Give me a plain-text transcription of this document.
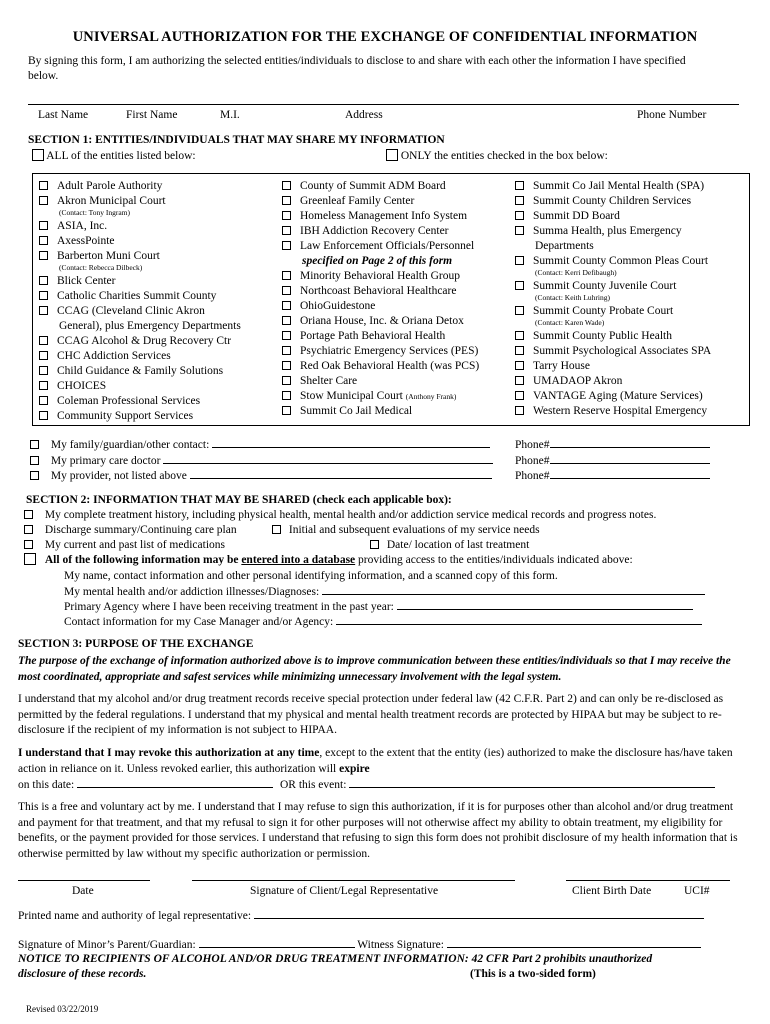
UNIVERSAL AUTHORIZATION FOR THE EXCHANGE OF CONFIDENTIAL INFORMATION
By signing this form, I am authorizing the selected entities/individuals to disclose to and share with each other the information I have specified below.
Last Name	First Name	M.I.	Address	Phone Number
SECTION 1: ENTITIES/INDIVIDUALS THAT MAY SHARE MY INFORMATION
ALL of the entities listed below:	ONLY the entities checked in the box below:
Adult Parole Authority
Akron Municipal Court
(Contact: Tony Ingram)
ASIA, Inc.
AxessPointe
Barberton Muni Court
(Contact: Rebecca Dilbeck)
Blick Center
Catholic Charities Summit County
CCAG (Cleveland Clinic Akron
General), plus Emergency Departments
CCAG Alcohol & Drug Recovery Ctr
CHC Addiction Services
Child Guidance & Family Solutions
CHOICES
Coleman Professional Services
Community Support Services
County of Summit ADM Board
Greenleaf Family Center
Homeless Management Info System
IBH Addiction Recovery Center
Law Enforcement Officials/Personnel
specified on Page 2 of this form
Minority Behavioral Health Group
Northcoast Behavioral Healthcare
OhioGuidestone
Oriana House, Inc. & Oriana Detox
Portage Path Behavioral Health
Psychiatric Emergency Services (PES)
Red Oak Behavioral Health (was PCS)
Shelter Care
Stow Municipal Court (Anthony Frank)
Summit Co Jail Medical
Summit Co Jail Mental Health (SPA)
Summit County Children Services
Summit DD Board
Summa Health, plus Emergency
Departments
Summit County Common Pleas Court
(Contact: Kerri Defibaugh)
Summit County Juvenile Court
(Contact: Keith Luhring)
Summit County Probate Court
(Contact: Karen Wade)
Summit County Public Health
Summit Psychological Associates SPA
Tarry House
UMADAOP Akron
VANTAGE Aging (Mature Services)
Western Reserve Hospital Emergency
My family/guardian/other contact:	Phone#
My primary care doctor	Phone#
My provider, not listed above	Phone#
SECTION 2: INFORMATION THAT MAY BE SHARED (check each applicable box):
My complete treatment history, including physical health, mental health and/or addiction service medical records and progress notes.
Discharge summary/Continuing care plan	Initial and subsequent evaluations of my service needs
My current and past list of medications	Date/ location of last treatment
All of the following information may be entered into a database providing access to the entities/individuals indicated above:
My name, contact information and other personal identifying information, and a scanned copy of this form.
My mental health and/or addiction illnesses/Diagnoses:
Primary Agency where I have been receiving treatment in the past year:
Contact information for my Case Manager and/or Agency:
SECTION 3: PURPOSE OF THE EXCHANGE
The purpose of the exchange of information authorized above is to improve communication between these entities/individuals so that I may receive the most coordinated, appropriate and safest services while minimizing unnecessary involvement with the legal system.
I understand that my alcohol and/or drug treatment records receive special protection under federal law (42 C.F.R. Part 2) and can only be re-disclosed as permitted by the federal regulations. I understand that my physical and mental health treatment records are protected by HIPAA but may be subject to re-disclosure if the recipient of my information is not subject to HIPAA.
I understand that I may revoke this authorization at any time, except to the extent that the entity (ies) authorized to make the disclosure has/have taken action in reliance on it. Unless revoked earlier, this authorization will expire
on this date:	OR this event:
This is a free and voluntary act by me. I understand that I may refuse to sign this authorization, if it is for purposes other than alcohol and/or drug treatment and payment for that treatment, and that my refusal to sign it for other purposes will not otherwise affect my ability to obtain treatment, my eligibility for benefits, or the payment provided for those services. I understand that refusing to sign this form does not prohibit disclosure of my health information that is otherwise permitted by law without my specific authorization or permission.
Date	Signature of Client/Legal Representative	Client Birth Date	UCI#
Printed name and authority of legal representative:
Signature of Minor’s Parent/Guardian:	Witness Signature:
NOTICE TO RECIPIENTS OF ALCOHOL AND/OR DRUG TREATMENT INFORMATION: 42 CFR Part 2 prohibits unauthorized
disclosure of these records.	(This is a two-sided form)
Revised 03/22/2019
